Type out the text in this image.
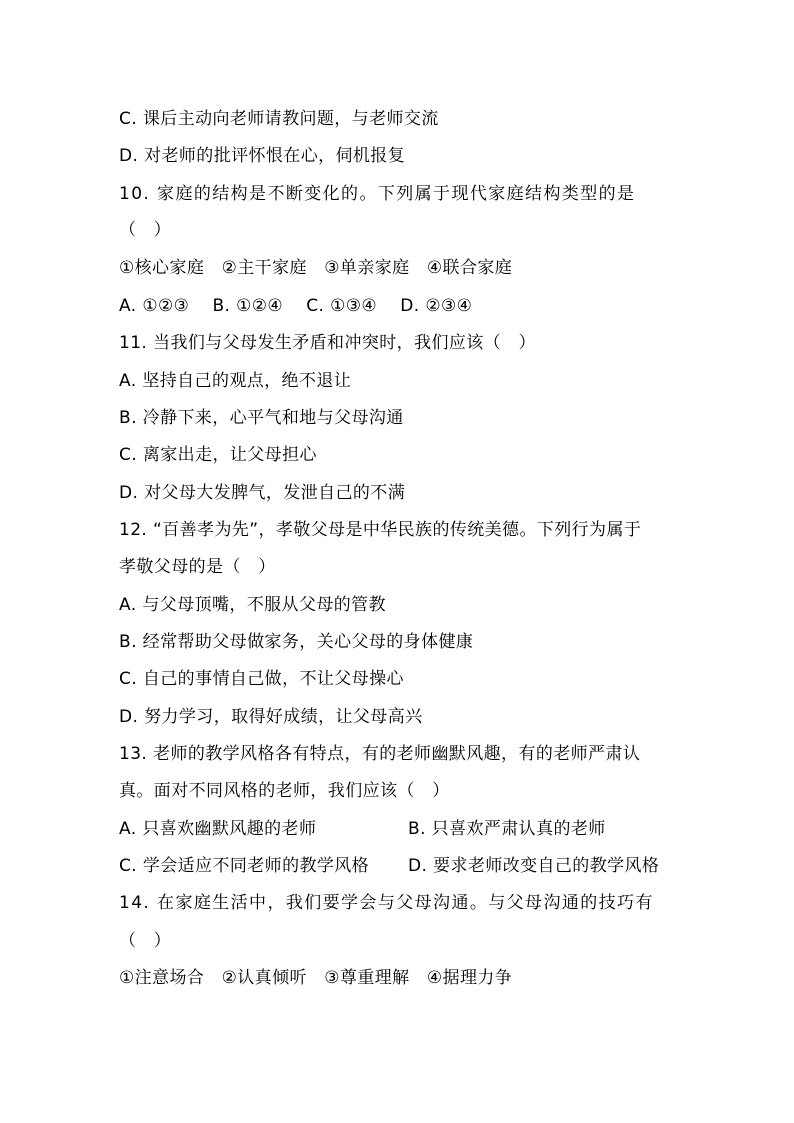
C. 课后主动向老师请教问题，与老师交流
D. 对老师的批评怀恨在心，伺机报复
10. 家庭的结构是不断变化的。下列属于现代家庭结构类型的是
（　）
①核心家庭　②主干家庭　③单亲家庭　④联合家庭
A. ①②③　 B. ①②④　 C. ①③④　 D. ②③④
11. 当我们与父母发生矛盾和冲突时，我们应该（　）
A. 坚持自己的观点，绝不退让
B. 冷静下来，心平气和地与父母沟通
C. 离家出走，让父母担心
D. 对父母大发脾气，发泄自己的不满
12. “百善孝为先”，孝敬父母是中华民族的传统美德。下列行为属于
孝敬父母的是（　）
A. 与父母顶嘴，不服从父母的管教
B. 经常帮助父母做家务，关心父母的身体健康
C. 自己的事情自己做，不让父母操心
D. 努力学习，取得好成绩，让父母高兴
13. 老师的教学风格各有特点，有的老师幽默风趣，有的老师严肃认
真。面对不同风格的老师，我们应该（　）
A. 只喜欢幽默风趣的老师	B. 只喜欢严肃认真的老师
C. 学会适应不同老师的教学风格 D. 要求老师改变自己的教学风格
14. 在家庭生活中，我们要学会与父母沟通。与父母沟通的技巧有
（　）
①注意场合　②认真倾听　③尊重理解　④据理力争
